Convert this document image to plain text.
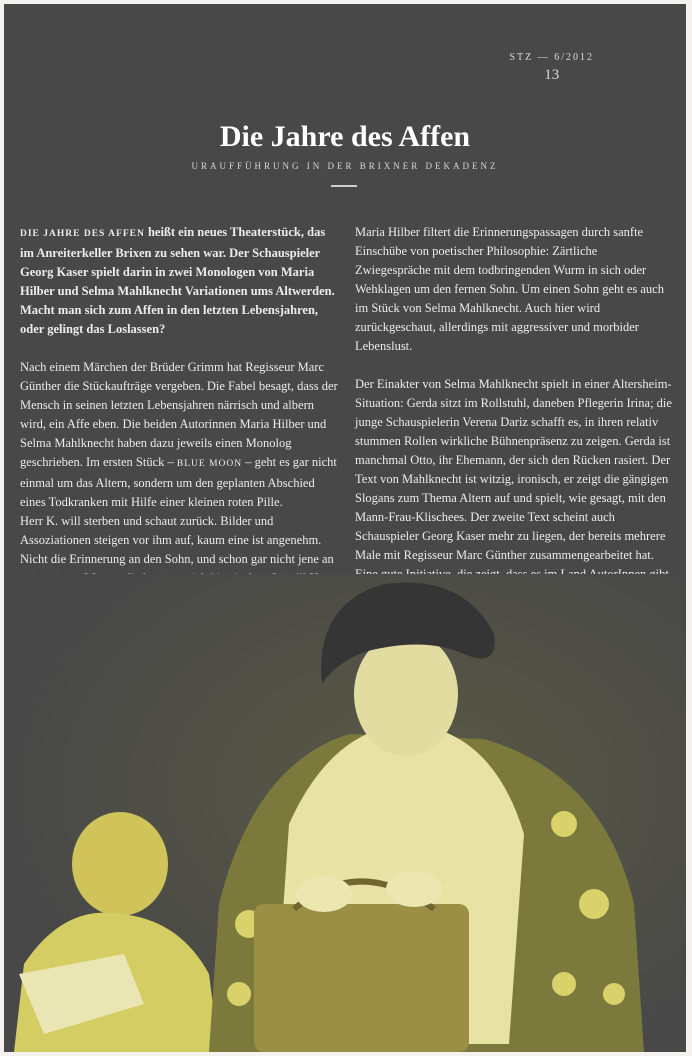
STZ — 6/2012
13
Die Jahre des Affen
URAUFFÜHRUNG IN DER BRIXNER DEKADENZ

DIE JAHRE DES AFFEN heißt ein neues Theaterstück, das im Anreiterkeller Brixen zu sehen war. Der Schauspieler Georg Kaser spielt darin in zwei Monologen von Maria Hilber und Selma Mahlknecht Variationen ums Altwerden. Macht man sich zum Affen in den letzten Lebensjahren, oder gelingt das Loslassen?

Nach einem Märchen der Brüder Grimm hat Regisseur Marc Günther die Stückaufträge vergeben. Die Fabel besagt, dass der Mensch in seinen letzten Lebensjahren närrisch und albern wird, ein Affe eben. Die beiden Autorinnen Maria Hilber und Selma Mahlknecht haben dazu jeweils einen Monolog geschrieben. Im ersten Stück – BLUE MOON – geht es gar nicht einmal um das Altern, sondern um den geplanten Abschied eines Todkranken mit Hilfe einer kleinen roten Pille.
Herr K. will sterben und schaut zurück. Bilder und Assoziationen steigen vor ihm auf, kaum eine ist angenehm. Nicht die Erinnerung an den Sohn, und schon gar nicht jene an

Maria Hilber filtert die Erinnerungspassagen durch sanfte Einschübe von poetischer Philosophie: Zärtliche Zwiegespräche mit dem todbringenden Wurm in sich oder Wehklagen um den fernen Sohn. Um einen Sohn geht es auch im Stück von Selma Mahlknecht. Auch hier wird zurückgeschaut, allerdings mit aggressiver und morbider Lebenslust.

Der Einakter von Selma Mahlknecht spielt in einer Altersheim-Situation: Gerda sitzt im Rollstuhl, daneben Pflegerin Irina; die junge Schauspielerin Verena Dariz schafft es, in ihren relativ stummen Rollen wirkliche Bühnenpräsenz zu zeigen. Gerda ist manchmal Otto, ihr Ehemann, der sich den Rücken rasiert. Der Text von Mahlknecht ist witzig, ironisch, er zeigt die gängigen Slogans zum Thema Altern auf und spielt, wie gesagt, mit den Mann-Frau-Klischees. Der zweite Text scheint auch Schauspieler Georg Kaser mehr zu liegen, der bereits mehrere Male mit Regisseur Marc Günther zusammengearbeitet hat.
